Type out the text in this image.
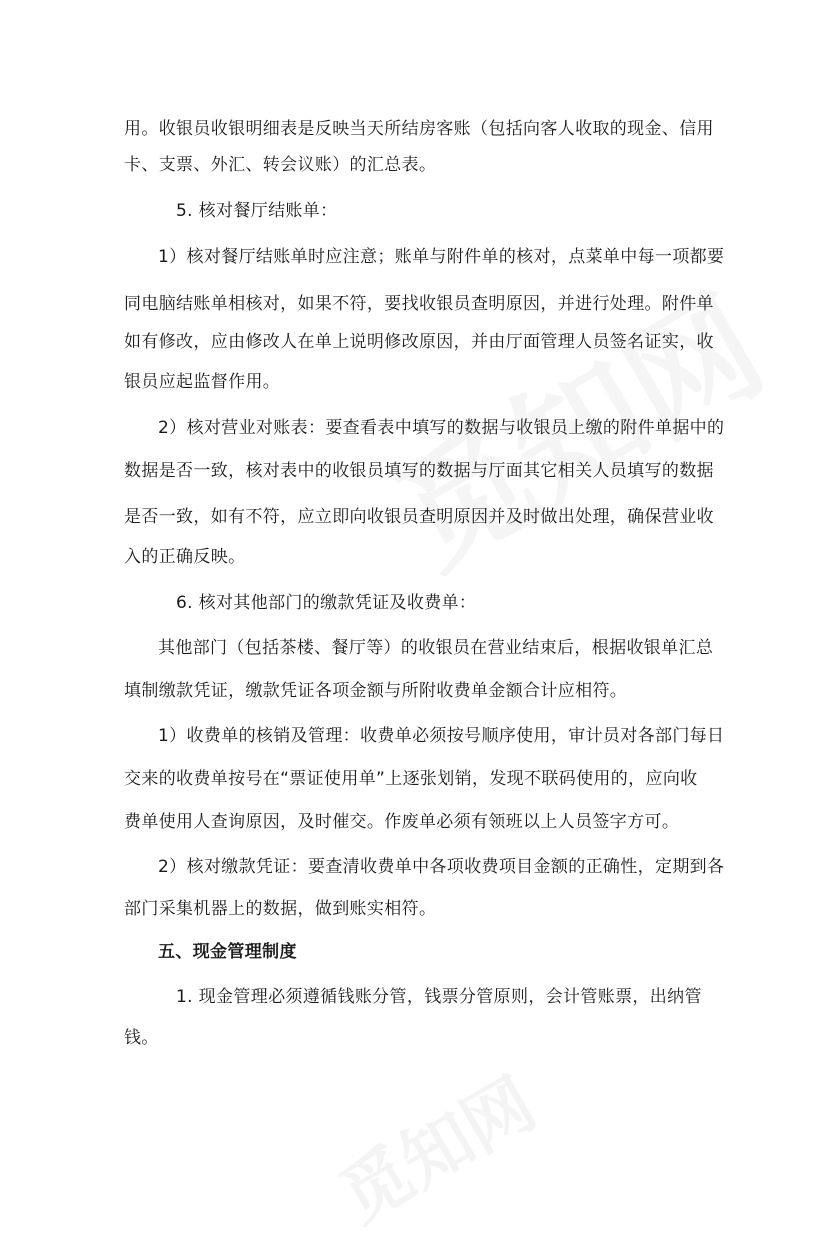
用。收银员收银明细表是反映当天所结房客账（包括向客人收取的现金、信用
卡、支票、外汇、转会议账）的汇总表。
5. 核对餐厅结账单：
1）核对餐厅结账单时应注意；账单与附件单的核对，点菜单中每一项都要
同电脑结账单相核对，如果不符，要找收银员查明原因，并进行处理。附件单
如有修改，应由修改人在单上说明修改原因，并由厅面管理人员签名证实，收
银员应起监督作用。
2）核对营业对账表：要查看表中填写的数据与收银员上缴的附件单据中的
数据是否一致，核对表中的收银员填写的数据与厅面其它相关人员填写的数据
是否一致，如有不符，应立即向收银员查明原因并及时做出处理，确保营业收
入的正确反映。
6. 核对其他部门的缴款凭证及收费单：
其他部门（包括茶楼、餐厅等）的收银员在营业结束后，根据收银单汇总
填制缴款凭证，缴款凭证各项金额与所附收费单金额合计应相符。
1）收费单的核销及管理：收费单必须按号顺序使用，审计员对各部门每日
交来的收费单按号在“票证使用单”上逐张划销，发现不联码使用的，应向收
费单使用人查询原因，及时催交。作废单必须有领班以上人员签字方可。
2）核对缴款凭证：要查清收费单中各项收费项目金额的正确性，定期到各
部门采集机器上的数据，做到账实相符。
五、现金管理制度
1. 现金管理必须遵循钱账分管，钱票分管原则，会计管账票，出纳管
钱。
